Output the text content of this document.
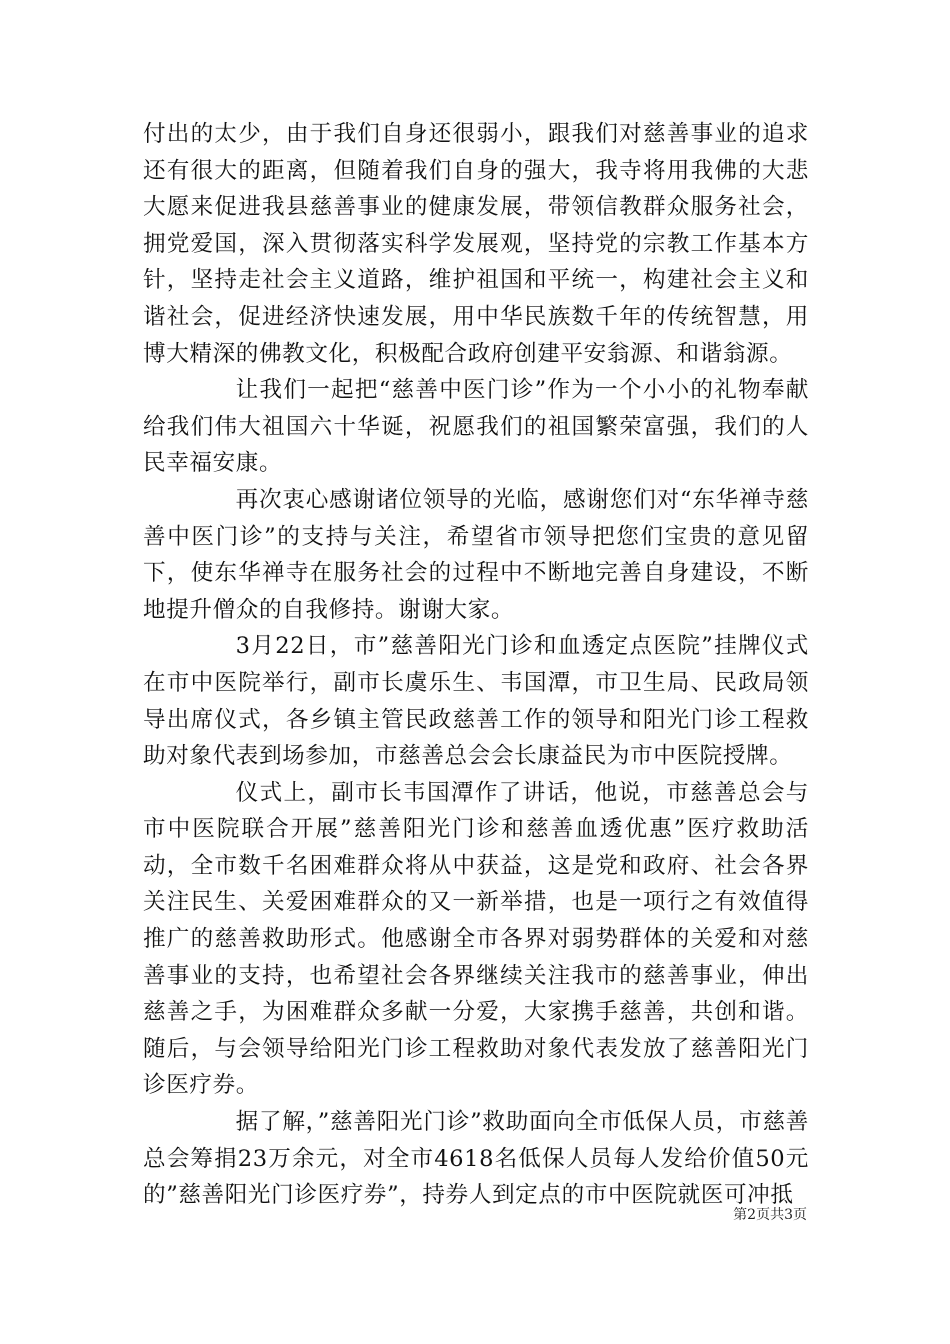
付出的太少，由于我们自身还很弱小，跟我们对慈善事业的追求还有很大的距离，但随着我们自身的强大，我寺将用我佛的大悲大愿来促进我县慈善事业的健康发展，带领信教群众服务社会，拥党爱国，深入贯彻落实科学发展观，坚持党的宗教工作基本方针，坚持走社会主义道路，维护祖国和平统一，构建社会主义和谐社会，促进经济快速发展，用中华民族数千年的传统智慧，用博大精深的佛教文化，积极配合政府创建平安翁源、和谐翁源。

让我们一起把“慈善中医门诊”作为一个小小的礼物奉献给我们伟大祖国六十华诞，祝愿我们的祖国繁荣富强，我们的人民幸福安康。

再次衷心感谢诸位领导的光临，感谢您们对“东华禅寺慈善中医门诊”的支持与关注，希望省市领导把您们宝贵的意见留下，使东华禅寺在服务社会的过程中不断地完善自身建设，不断地提升僧众的自我修持。谢谢大家。

3月22日，市”慈善阳光门诊和血透定点医院”挂牌仪式在市中医院举行，副市长虞乐生、韦国潭，市卫生局、民政局领导出席仪式，各乡镇主管民政慈善工作的领导和阳光门诊工程救助对象代表到场参加，市慈善总会会长康益民为市中医院授牌。

仪式上，副市长韦国潭作了讲话，他说，市慈善总会与市中医院联合开展”慈善阳光门诊和慈善血透优惠”医疗救助活动，全市数千名困难群众将从中获益，这是党和政府、社会各界关注民生、关爱困难群众的又一新举措，也是一项行之有效值得推广的慈善救助形式。他感谢全市各界对弱势群体的关爱和对慈善事业的支持，也希望社会各界继续关注我市的慈善事业，伸出慈善之手，为困难群众多献一分爱，大家携手慈善，共创和谐。随后，与会领导给阳光门诊工程救助对象代表发放了慈善阳光门诊医疗券。

据了解，”慈善阳光门诊”救助面向全市低保人员，市慈善总会筹捐23万余元，对全市4618名低保人员每人发给价值50元的”慈善阳光门诊医疗券”，持券人到定点的市中医院就医可冲抵

第2页共3页
